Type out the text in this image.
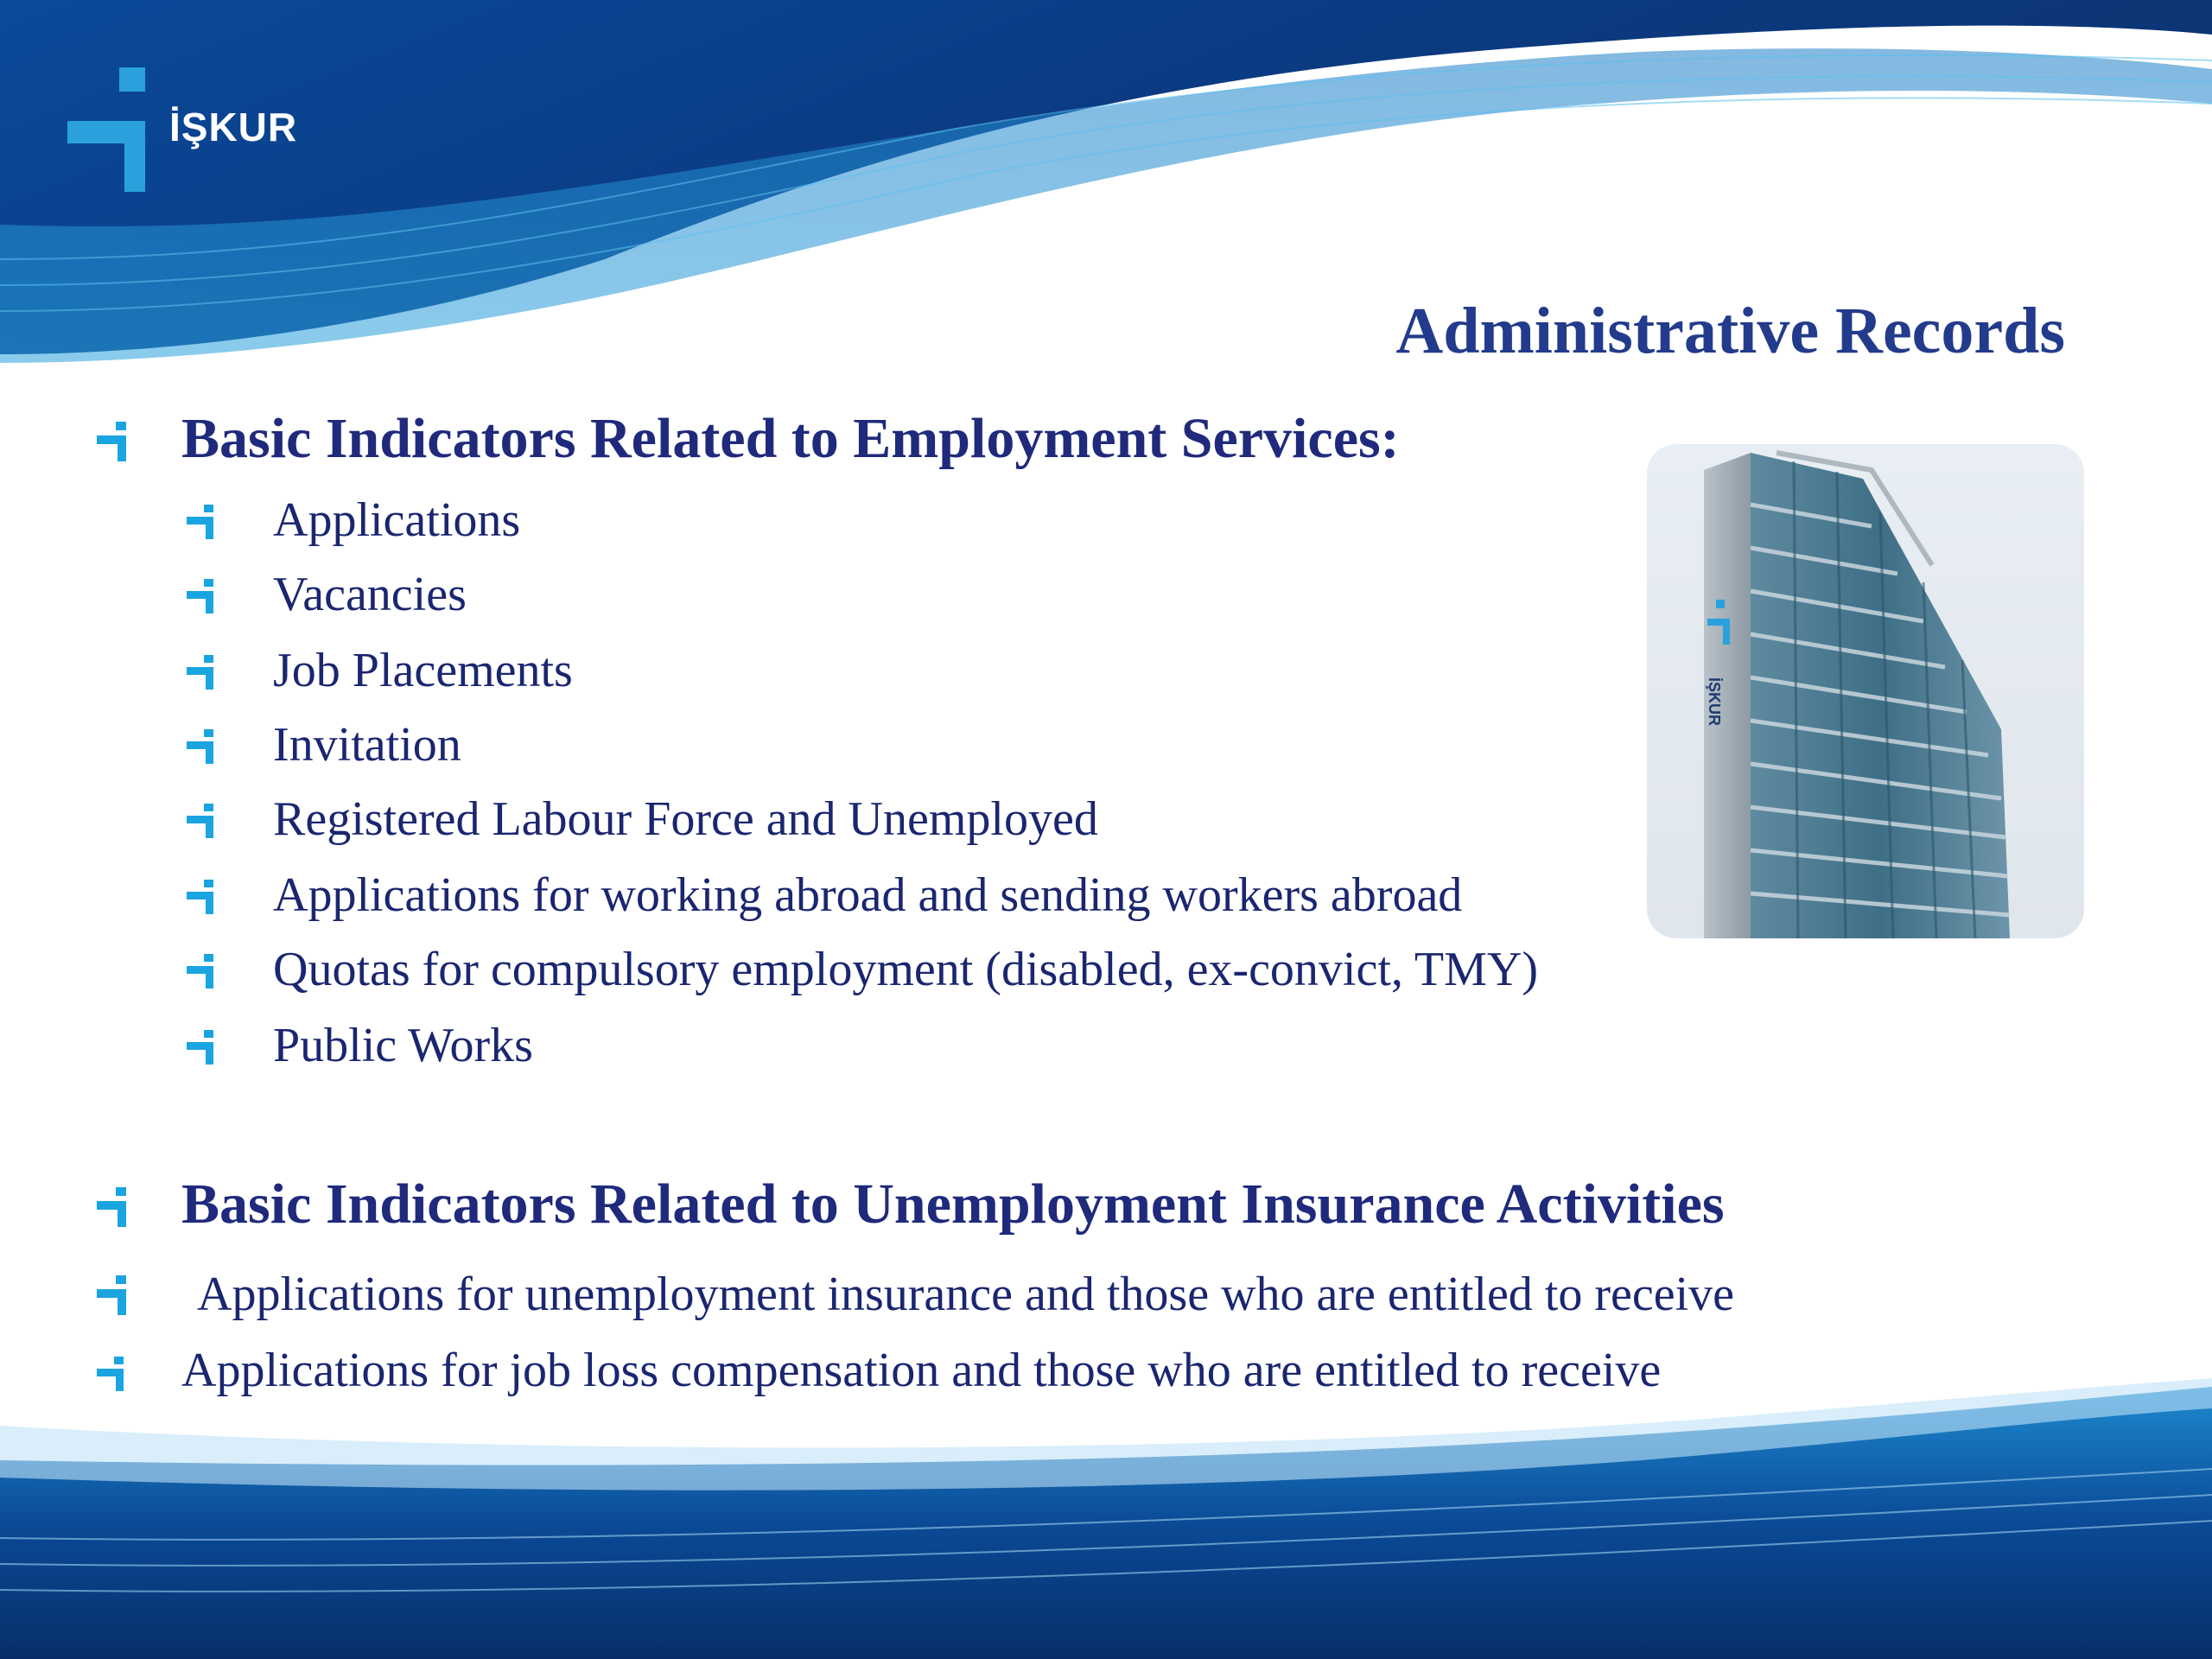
İŞKUR
Administrative Records
İŞKUR
Basic Indicators Related to Employment Services:
Applications
Vacancies
Job Placements
Invitation
Registered Labour Force and Unemployed
Applications for working abroad and sending workers abroad
Quotas for compulsory employment (disabled, ex-convict, TMY)
Public Works
Basic Indicators Related to Unemployment Insurance Activities
Applications for unemployment insurance and those who are entitled to receive
Applications for job loss compensation and those who are entitled to receive
